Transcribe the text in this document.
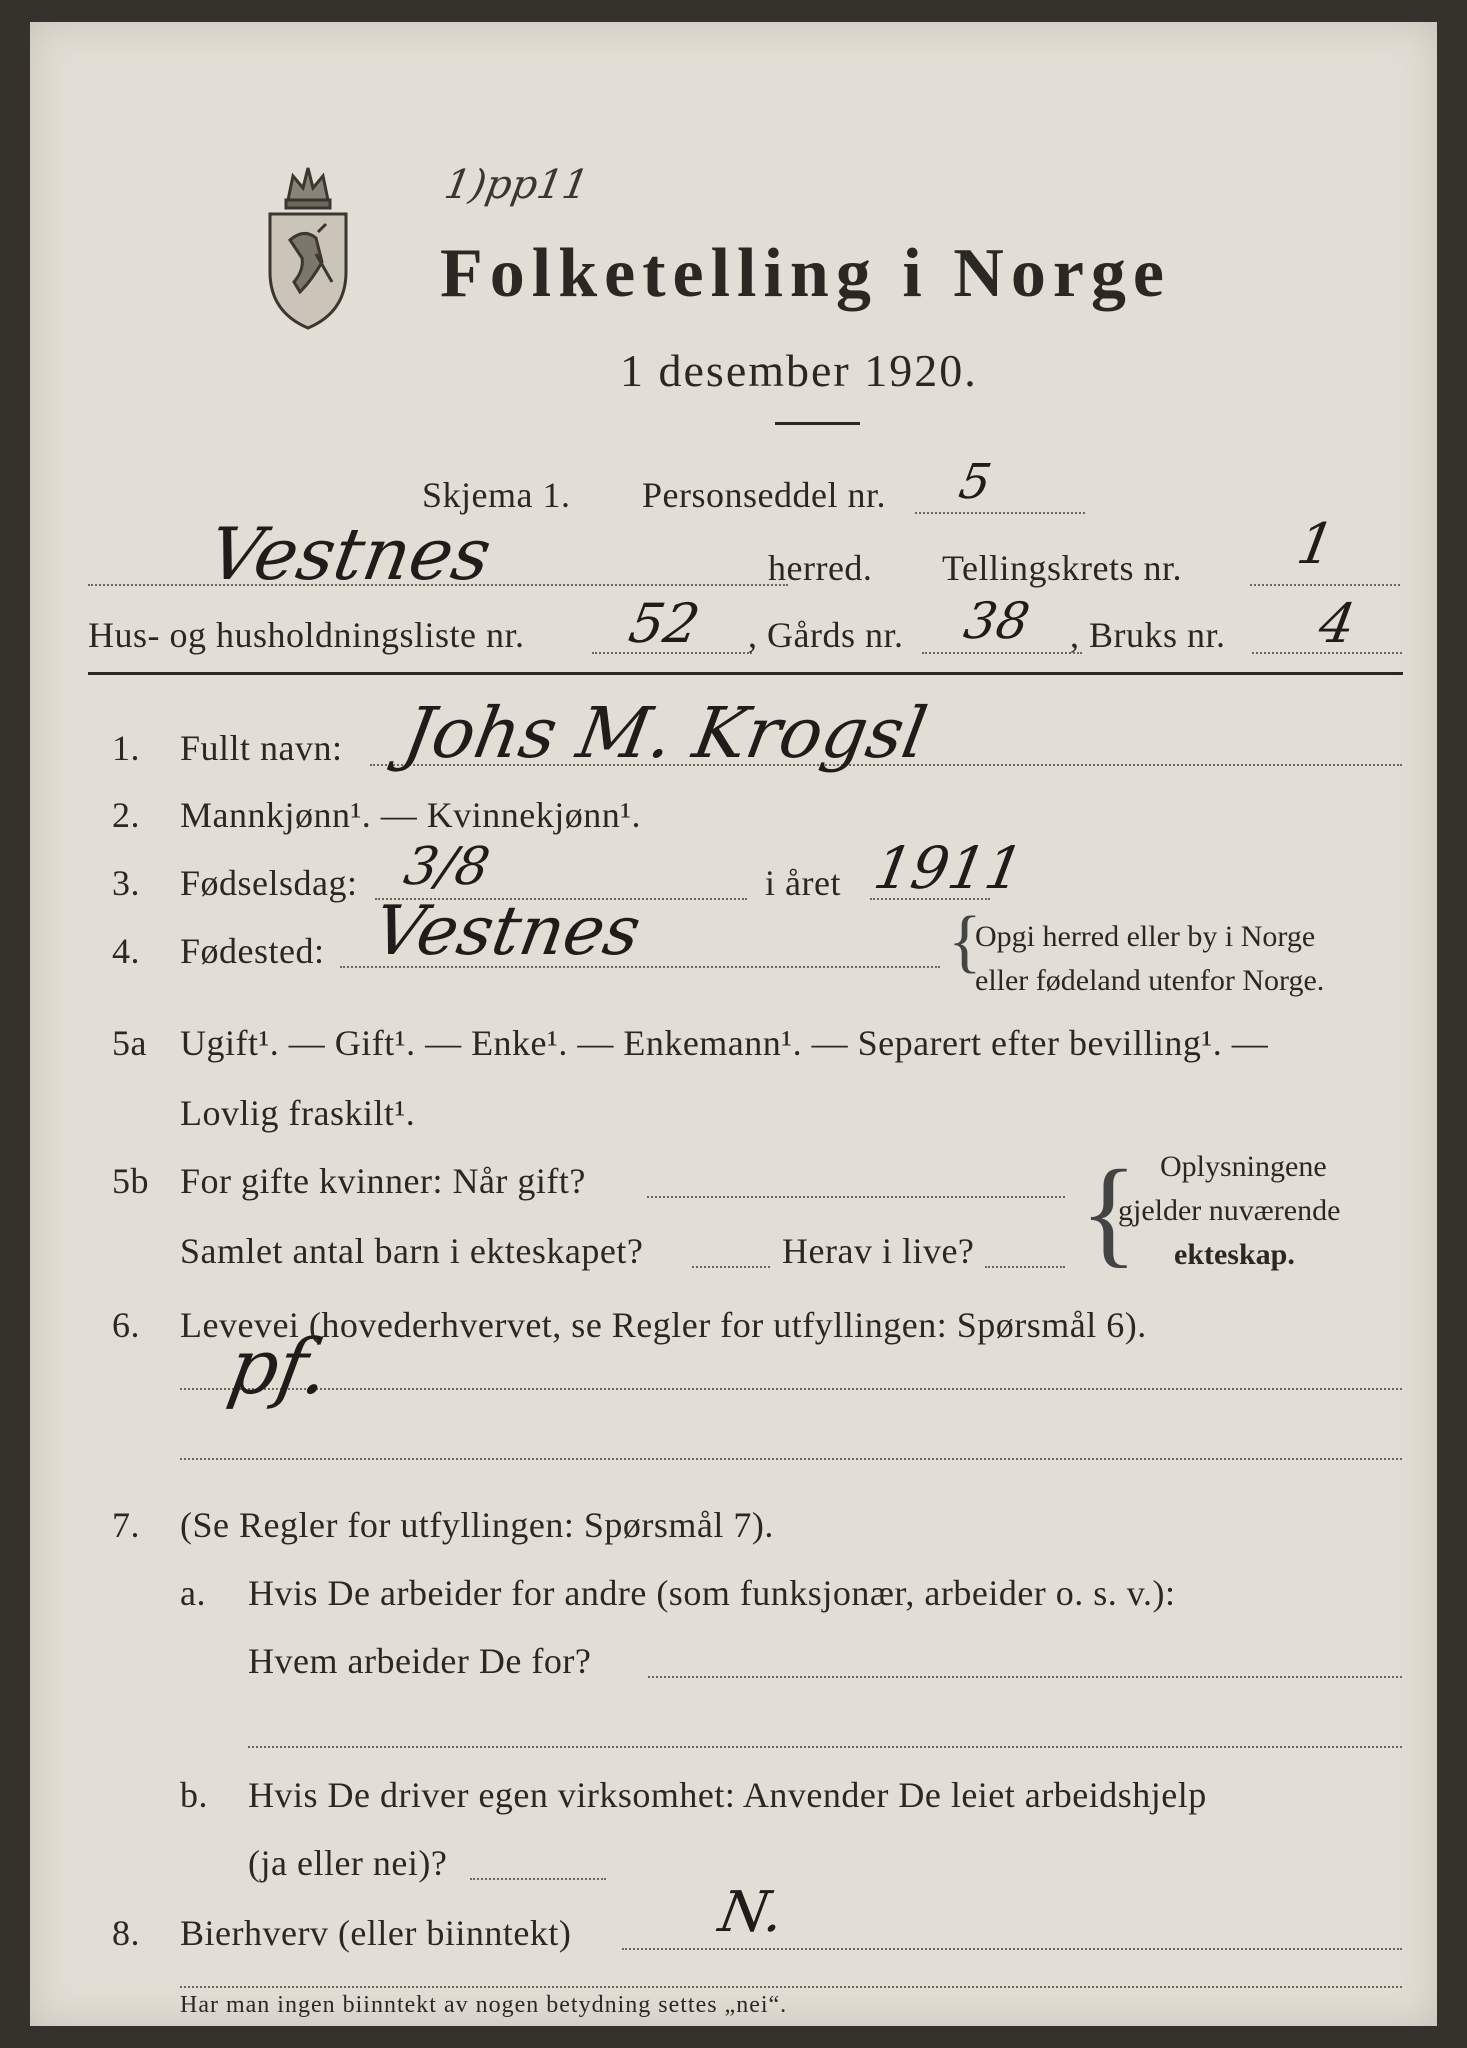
1)pp11
Folketelling i Norge
1 desember 1920.
Skjema 1. Personseddel nr. 5
Vestnes	herred. Tellingskrets nr. 1
Hus- og husholdningsliste nr. 52 , Gårds nr. 38 , Bruks nr. 4
1. Fullt navn: Johs M. Krogsl
2. Mannkjønn¹. — Kvinnekjønn¹.
3. Fødselsdag: 3/8	i året 1911
4. Fødested: Vestnes	{
Opgi herred eller by i Norge
eller fødeland utenfor Norge.
5a Ugift¹. — Gift¹. — Enke¹. — Enkemann¹. — Separert efter bevilling¹. —
Lovlig fraskilt¹.
5b For gifte kvinner: Når gift?
Samlet antal barn i ekteskapet?	Herav i live? { Oplysningene
gjelder nuværende
ekteskap.
6. Levevei (hovederhvervet, se Regler for utfyllingen: Spørsmål 6).
pf.
7. (Se Regler for utfyllingen: Spørsmål 7).
a. Hvis De arbeider for andre (som funksjonær, arbeider o. s. v.):
Hvem arbeider De for?
b. Hvis De driver egen virksomhet: Anvender De leiet arbeidshjelp
(ja eller nei)?
8. Bierhverv (eller biinntekt)	N.
Har man ingen biinntekt av nogen betydning settes „nei“.
